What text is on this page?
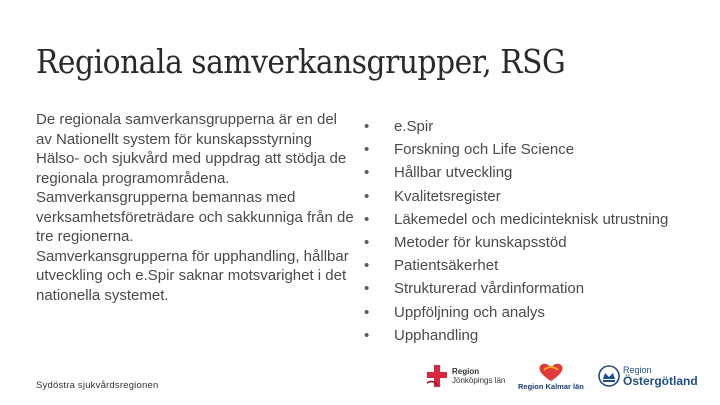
Regionala samverkansgrupper, RSG

De regionala samverkansgrupperna är en del av Nationellt system för kunskapsstyrning Hälso- och sjukvård med uppdrag att stödja de regionala programområdena.

Samverkansgrupperna bemannas med verksamhetsföreträdare och sakkunniga från de tre regionerna.

Samverkansgrupperna för upphandling, hållbar utveckling och e.Spir saknar motsvarighet i det nationella systemet.

• e.Spir
• Forskning och Life Science
• Hållbar utveckling
• Kvalitetsregister
• Läkemedel och medicinteknisk utrustning
• Metoder för kunskapsstöd
• Patientsäkerhet
• Strukturerad vårdinformation
• Uppföljning och analys
• Upphandling
Sydöstra sjukvårdsregionen
Region
Jönköpings län
Region Kalmar län
Region
Östergötland
